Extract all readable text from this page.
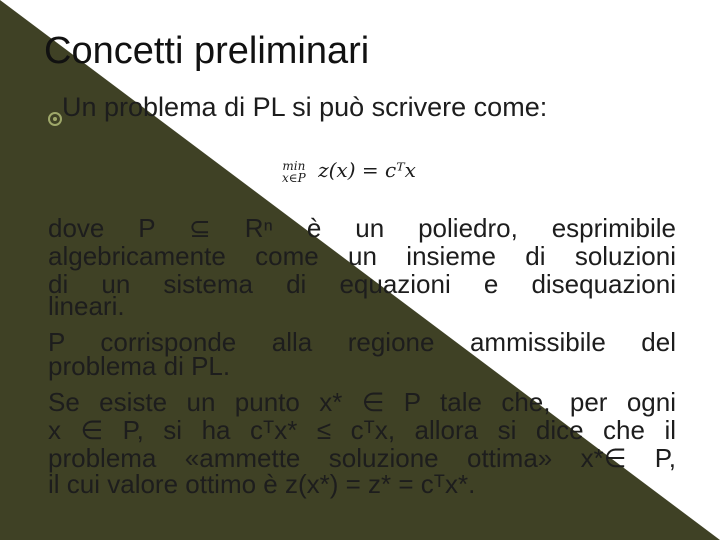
Concetti preliminari
Un problema di PL si può scrivere come:
min
x∈P z(x) = cᵀx
dove P ⊆ Rⁿ è un poliedro, esprimibile
algebricamente come un insieme di soluzioni
di un sistema di equazioni e disequazioni
lineari.
P corrisponde alla regione ammissibile del
problema di PL.
Se esiste un punto x* ∈ P tale che, per ogni
x ∈ P, si ha cᵀx* ≤ cᵀx, allora si dice che il
problema «ammette soluzione ottima» x*∈ P,
il cui valore ottimo è z(x*) = z* = cᵀx*.
